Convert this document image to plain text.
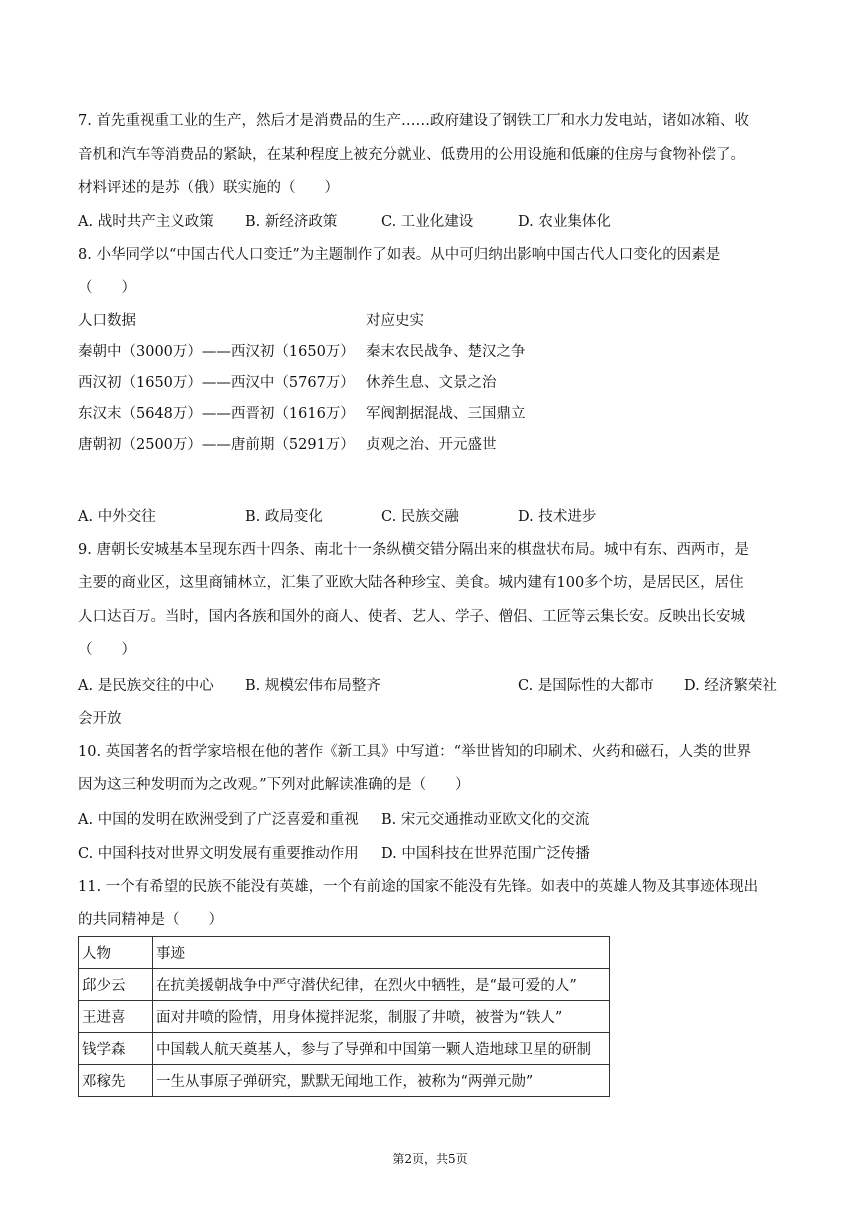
7. 首先重视重工业的生产，然后才是消费品的生产……政府建设了钢铁工厂和水力发电站，诸如冰箱、收
音机和汽车等消费品的紧缺，在某种程度上被充分就业、低费用的公用设施和低廉的住房与食物补偿了。
材料评述的是苏（俄）联实施的（　　）
A. 战时共产主义政策 B. 新经济政策	C. 工业化建设	D. 农业集体化
8. 小华同学以“中国古代人口变迁”为主题制作了如表。从中可归纳出影响中国古代人口变化的因素是
（　　）
人口数据	对应史实
秦朝中（3000万）——西汉初（1650万） 秦末农民战争、楚汉之争
西汉初（1650万）——西汉中（5767万） 休养生息、文景之治
东汉末（5648万）——西晋初（1616万） 军阀割据混战、三国鼎立
唐朝初（2500万）——唐前期（5291万） 贞观之治、开元盛世
A. 中外交往	B. 政局变化	C. 民族交融	D. 技术进步
9. 唐朝长安城基本呈现东西十四条、南北十一条纵横交错分隔出来的棋盘状布局。城中有东、西两市，是
主要的商业区，这里商铺林立，汇集了亚欧大陆各种珍宝、美食。城内建有100多个坊，是居民区，居住
人口达百万。当时，国内各族和国外的商人、使者、艺人、学子、僧侣、工匠等云集长安。反映出长安城
（　　）
A. 是民族交往的中心 B. 规模宏伟布局整齐	C. 是国际性的大都市 D. 经济繁荣社
会开放
10. 英国著名的哲学家培根在他的著作《新工具》中写道：“举世皆知的印刷术、火药和磁石，人类的世界
因为这三种发明而为之改观。”下列对此解读准确的是（　　）
A. 中国的发明在欧洲受到了广泛喜爱和重视 B. 宋元交通推动亚欧文化的交流
C. 中国科技对世界文明发展有重要推动作用 D. 中国科技在世界范围广泛传播
11. 一个有希望的民族不能没有英雄，一个有前途的国家不能没有先锋。如表中的英雄人物及其事迹体现出
的共同精神是（　　）
人物	事迹
邱少云	在抗美援朝战争中严守潜伏纪律，在烈火中牺牲，是“最可爱的人”
王进喜	面对井喷的险情，用身体搅拌泥浆，制服了井喷，被誉为“铁人”
钱学森	中国载人航天奠基人，参与了导弹和中国第一颗人造地球卫星的研制
邓稼先	一生从事原子弹研究，默默无闻地工作，被称为“两弹元勋”
第2页，共5页
